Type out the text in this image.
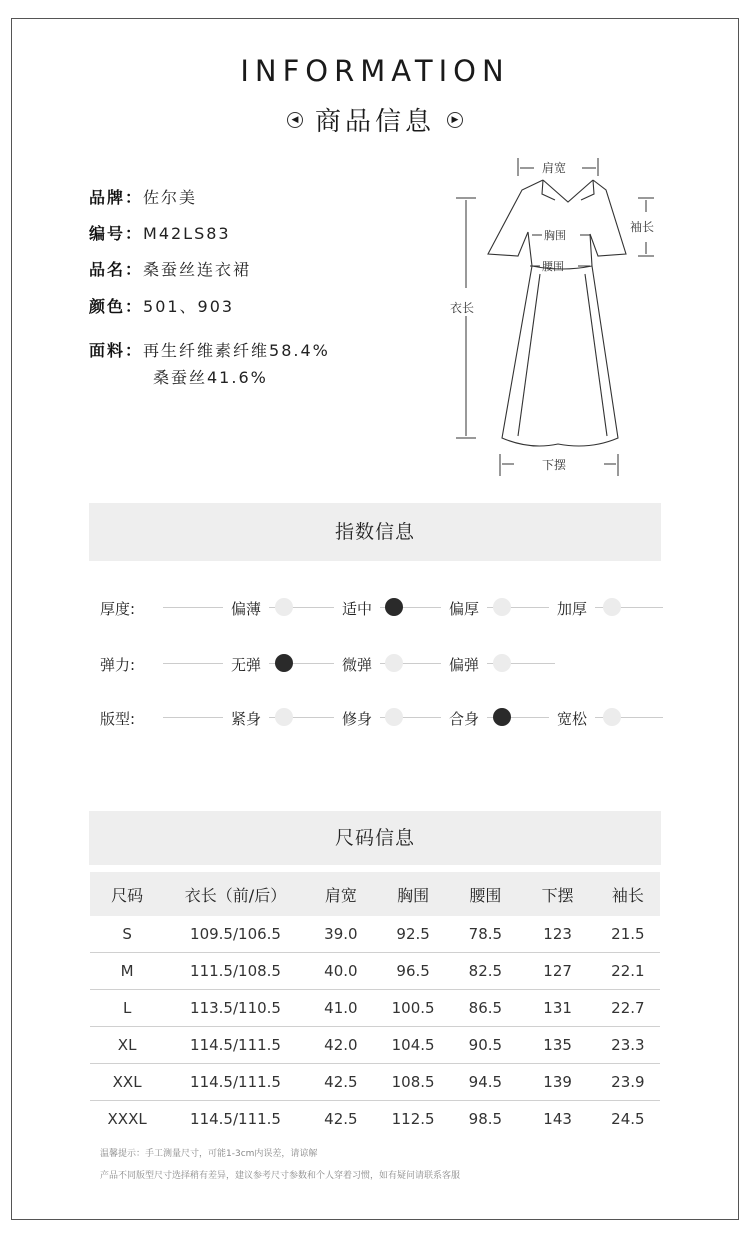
INFORMATION
◀ 商品信息 ▶
品牌：佐尔美
编号：M42LS83
品名：桑蚕丝连衣裙
颜色：501、903
面料：再生纤维素纤维58.4%
桑蚕丝41.6%
肩宽
袖长
胸围
腰围
衣长
下摆
指数信息
厚度:	偏薄	适中	偏厚	加厚
弹力:	无弹	微弹	偏弹
版型:	紧身	修身	合身	宽松
尺码信息
尺码	衣长（前/后）	肩宽	胸围	腰围	下摆	袖长
S	109.5/106.5	39.0	92.5	78.5	123	21.5
M	111.5/108.5	40.0	96.5	82.5	127	22.1
L	113.5/110.5	41.0	100.5	86.5	131	22.7
XL	114.5/111.5	42.0	104.5	90.5	135	23.3
XXL	114.5/111.5	42.5	108.5	94.5	139	23.9
XXXL	114.5/111.5	42.5	112.5	98.5	143	24.5
温馨提示：手工测量尺寸，可能1-3cm内误差，请谅解
产品不同版型尺寸选择稍有差异，建议参考尺寸参数和个人穿着习惯，如有疑问请联系客服
